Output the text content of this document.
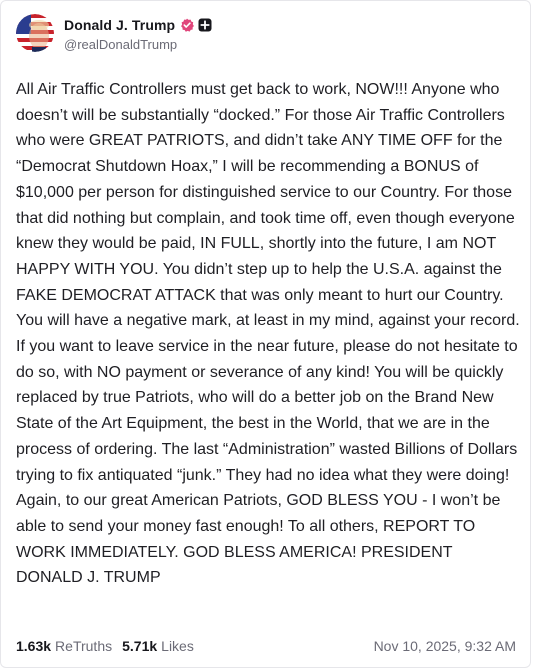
Donald J. Trump
@realDonaldTrump
All Air Traffic Controllers must get back to work, NOW!!! Anyone who doesn’t will be substantially “docked.” For those Air Traffic Controllers who were GREAT PATRIOTS, and didn’t take ANY TIME OFF for the “Democrat Shutdown Hoax,” I will be recommending a BONUS of $10,000 per person for distinguished service to our Country. For those that did nothing but complain, and took time off, even though everyone knew they would be paid, IN FULL, shortly into the future, I am NOT HAPPY WITH YOU. You didn’t step up to help the U.S.A. against the FAKE DEMOCRAT ATTACK that was only meant to hurt our Country. You will have a negative mark, at least in my mind, against your record. If you want to leave service in the near future, please do not hesitate to do so, with NO payment or severance of any kind! You will be quickly replaced by true Patriots, who will do a better job on the Brand New State of the Art Equipment, the best in the World, that we are in the process of ordering. The last “Administration” wasted Billions of Dollars trying to fix antiquated “junk.” They had no idea what they were doing! Again, to our great American Patriots, GOD BLESS YOU - I won’t be able to send your money fast enough! To all others, REPORT TO WORK IMMEDIATELY. GOD BLESS AMERICA! PRESIDENT DONALD J. TRUMP
1.63k ReTruths 5.71k Likes	Nov 10, 2025, 9:32 AM
